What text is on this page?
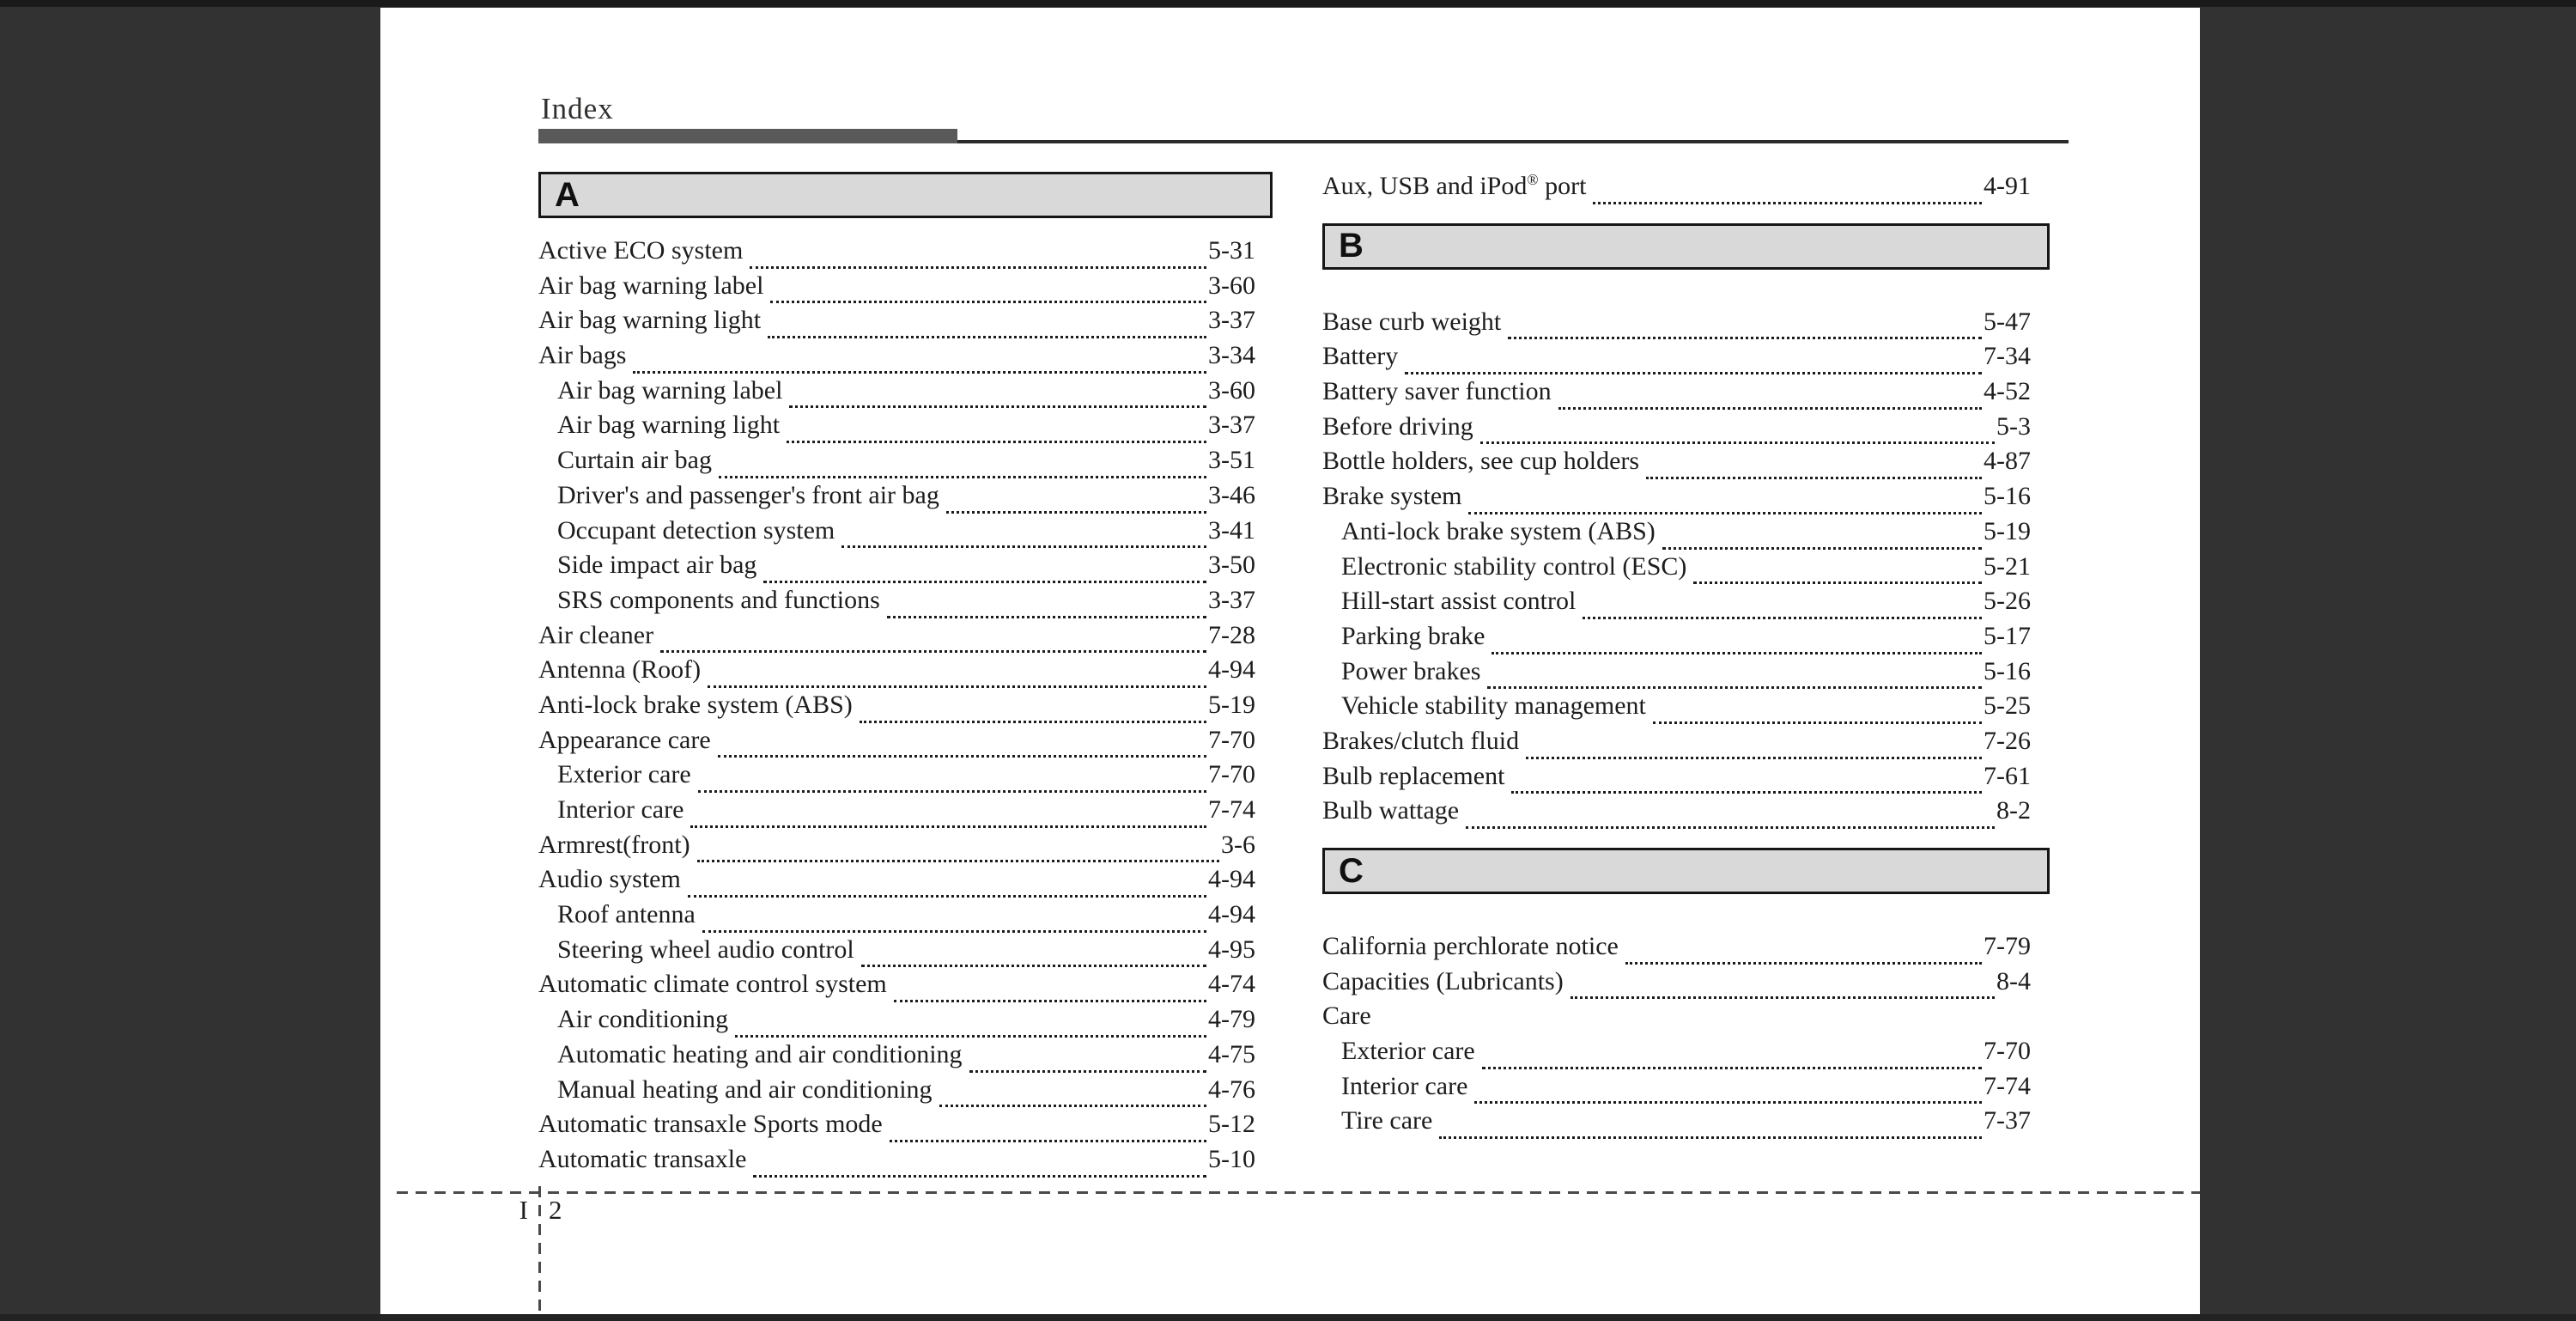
Index
A
Active ECO system	5-31
Air bag warning label	3-60
Air bag warning light	3-37
Air bags	3-34
Air bag warning label	3-60
Air bag warning light	3-37
Curtain air bag	3-51
Driver's and passenger's front air bag	3-46
Occupant detection system	3-41
Side impact air bag	3-50
SRS components and functions	3-37
Air cleaner	7-28
Antenna (Roof)	4-94
Anti-lock brake system (ABS)	5-19
Appearance care	7-70
Exterior care	7-70
Interior care	7-74
Armrest(front)	3-6
Audio system	4-94
Roof antenna	4-94
Steering wheel audio control	4-95
Automatic climate control system	4-74
Air conditioning	4-79
Automatic heating and air conditioning	4-75
Manual heating and air conditioning	4-76
Automatic transaxle Sports mode	5-12
Automatic transaxle	5-10
Aux, USB and iPod® port	4-91
B
Base curb weight	5-47
Battery	7-34
Battery saver function	4-52
Before driving	5-3
Bottle holders, see cup holders	4-87
Brake system	5-16
Anti-lock brake system (ABS)	5-19
Electronic stability control (ESC)	5-21
Hill-start assist control	5-26
Parking brake	5-17
Power brakes	5-16
Vehicle stability management	5-25
Brakes/clutch fluid	7-26
Bulb replacement	7-61
Bulb wattage	8-2
C
California perchlorate notice	7-79
Capacities (Lubricants)	8-4
Care
Exterior care	7-70
Interior care	7-74
Tire care	7-37
I 2
